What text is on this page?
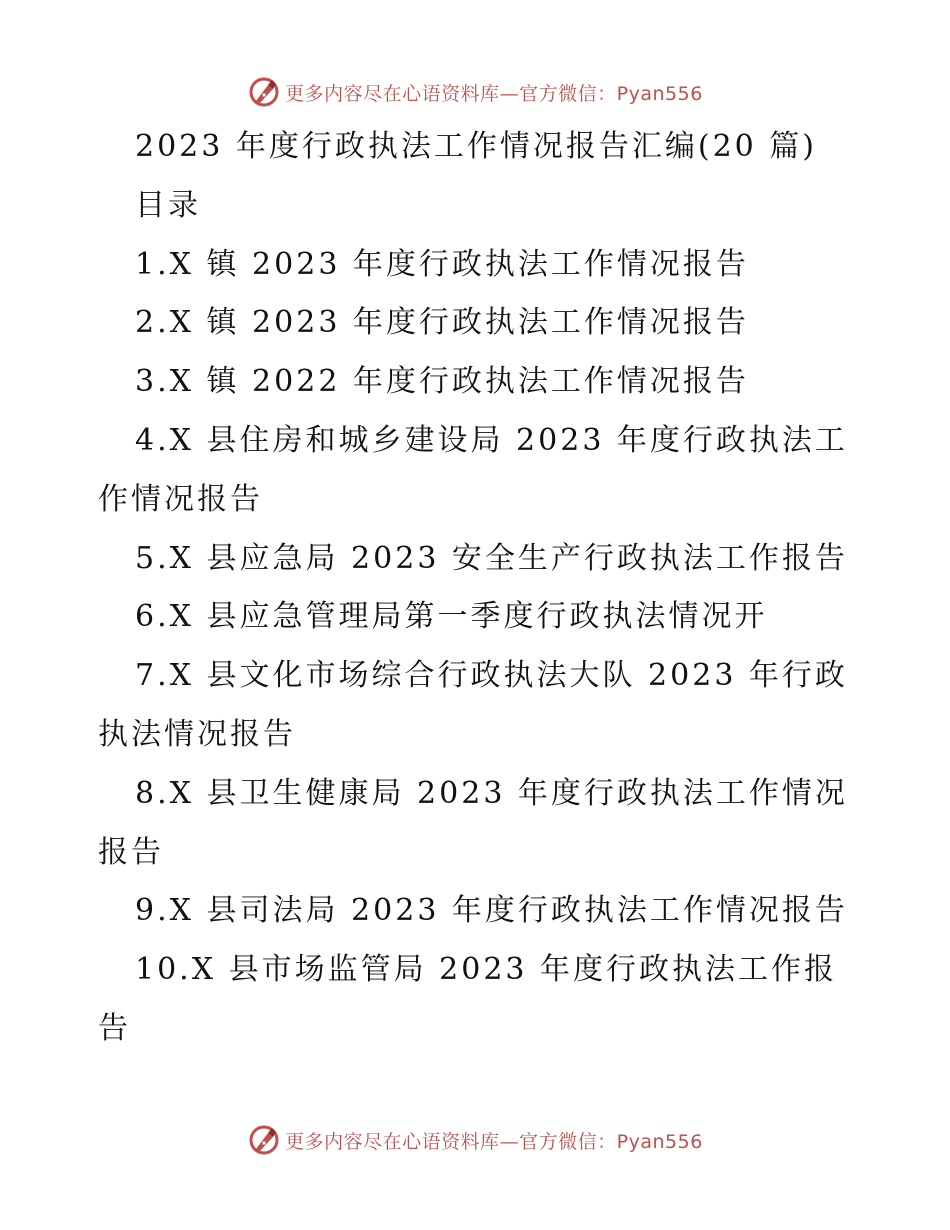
更多内容尽在心语资料库—官方微信：Pyan556

2023 年度行政执法工作情况报告汇编(20 篇)

目录

1.X 镇 2023 年度行政执法工作情况报告

2.X 镇 2023 年度行政执法工作情况报告

3.X 镇 2022 年度行政执法工作情况报告

4.X 县住房和城乡建设局 2023 年度行政执法工

作情况报告

5.X 县应急局 2023 安全生产行政执法工作报告

6.X 县应急管理局第一季度行政执法情况开

7.X 县文化市场综合行政执法大队 2023 年行政

执法情况报告

8.X 县卫生健康局 2023 年度行政执法工作情况

报告

9.X 县司法局 2023 年度行政执法工作情况报告

10.X 县市场监管局 2023 年度行政执法工作报

告

更多内容尽在心语资料库—官方微信：Pyan556
